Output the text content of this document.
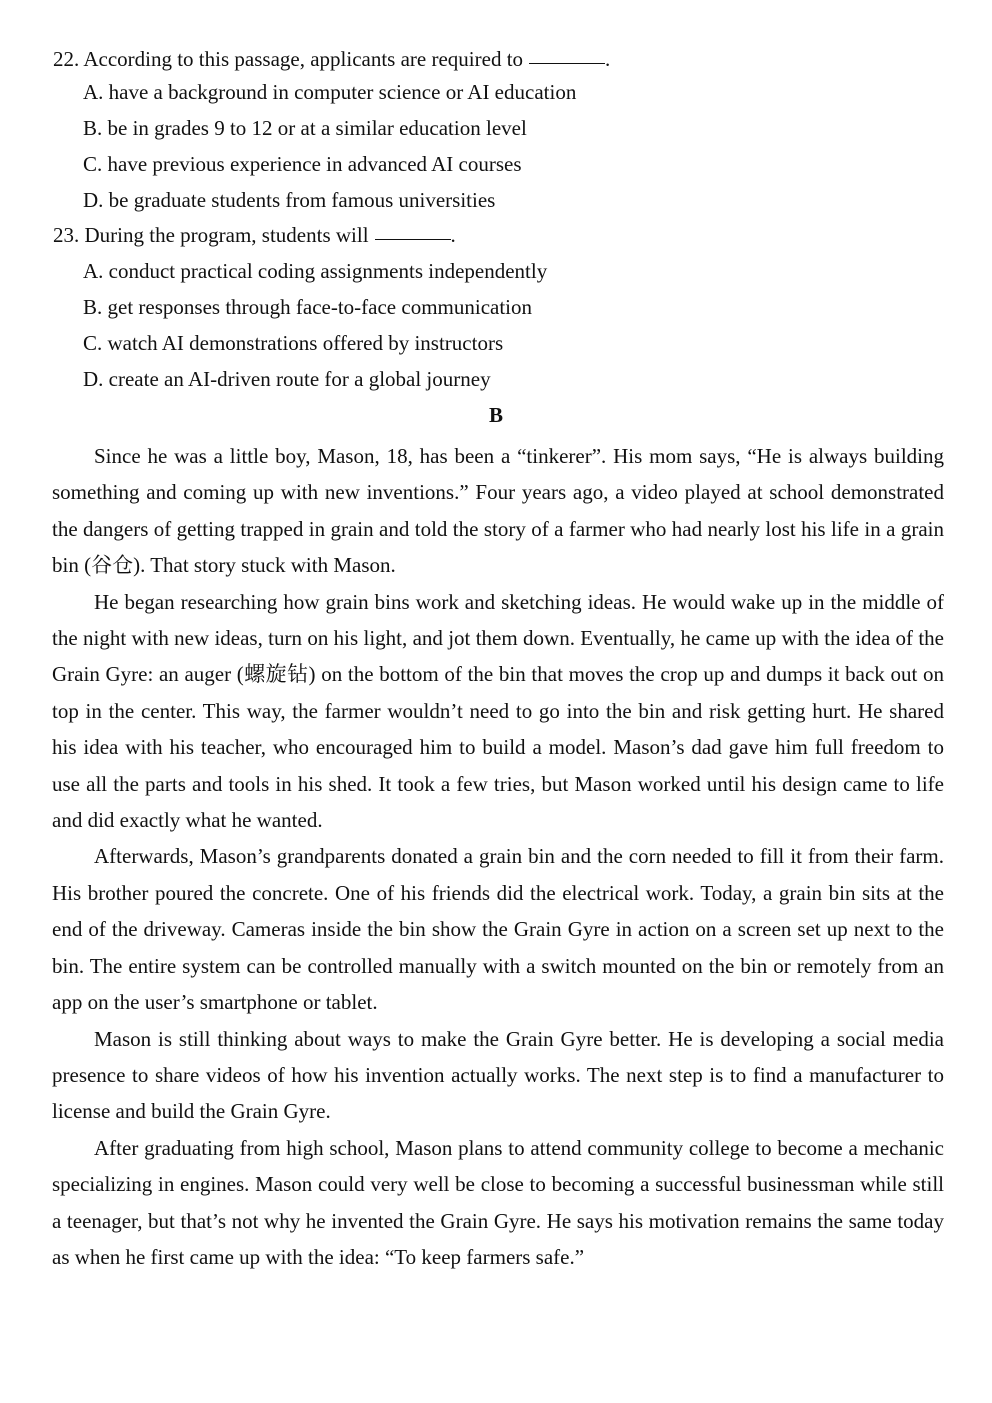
22. According to this passage, applicants are required to	.
A. have a background in computer science or AI education
B. be in grades 9 to 12 or at a similar education level
C. have previous experience in advanced AI courses
D. be graduate students from famous universities
23. During the program, students will	.
A. conduct practical coding assignments independently
B. get responses through face-to-face communication
C. watch AI demonstrations offered by instructors
D. create an AI-driven route for a global journey
B

Since he was a little boy, Mason, 18, has been a “tinkerer”. His mom says, “He is always building something and coming up with new inventions.” Four years ago, a video played at school demonstrated the dangers of getting trapped in grain and told the story of a farmer who had nearly lost his life in a grain bin (谷仓). That story stuck with Mason.

He began researching how grain bins work and sketching ideas. He would wake up in the middle of the night with new ideas, turn on his light, and jot them down. Eventually, he came up with the idea of the Grain Gyre: an auger (螺旋钻) on the bottom of the bin that moves the crop up and dumps it back out on top in the center. This way, the farmer wouldn’t need to go into the bin and risk getting hurt. He shared his idea with his teacher, who encouraged him to build a model. Mason’s dad gave him full freedom to use all the parts and tools in his shed. It took a few tries, but Mason worked until his design came to life and did exactly what he wanted.

Afterwards, Mason’s grandparents donated a grain bin and the corn needed to fill it from their farm. His brother poured the concrete. One of his friends did the electrical work. Today, a grain bin sits at the end of the driveway. Cameras inside the bin show the Grain Gyre in action on a screen set up next to the bin. The entire system can be controlled manually with a switch mounted on the bin or remotely from an app on the user’s smartphone or tablet.

Mason is still thinking about ways to make the Grain Gyre better. He is developing a social media presence to share videos of how his invention actually works. The next step is to find a manufacturer to license and build the Grain Gyre.

After graduating from high school, Mason plans to attend community college to become a mechanic specializing in engines. Mason could very well be close to becoming a successful businessman while still a teenager, but that’s not why he invented the Grain Gyre. He says his motivation remains the same today as when he first came up with the idea: “To keep farmers safe.”
